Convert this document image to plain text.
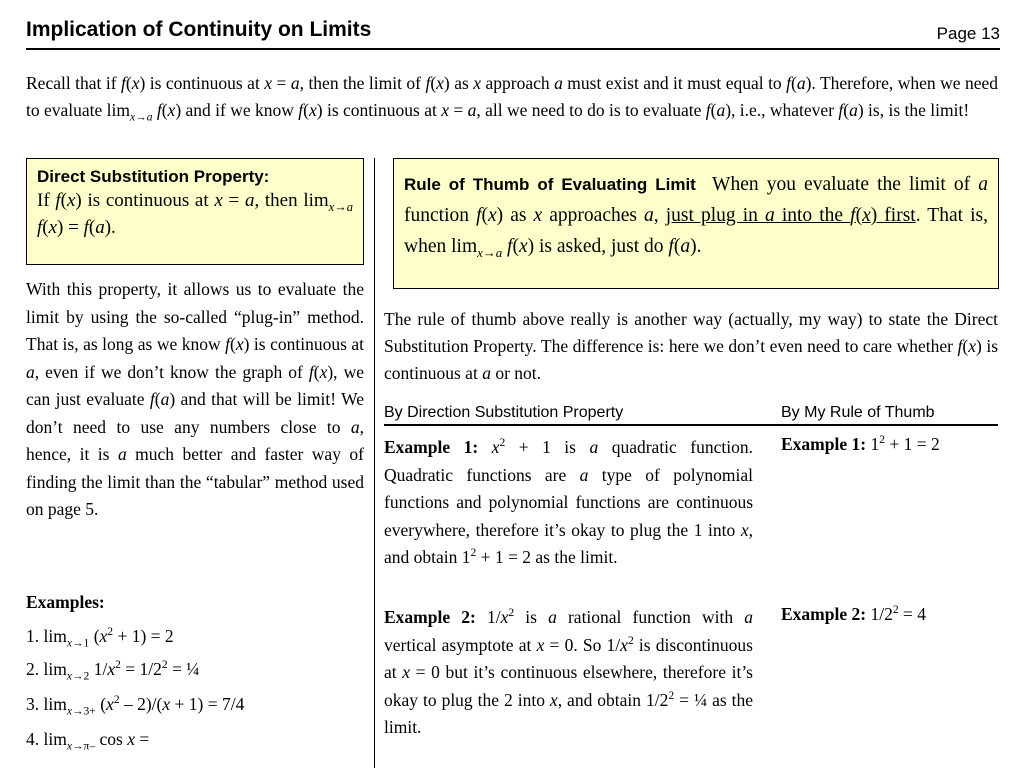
Implication of Continuity on Limits	Page 13
Recall that if f(x) is continuous at x = a, then the limit of f(x) as x approach a must exist and it must equal to f(a). Therefore, when we need to evaluate $\lim_{x\to a} f(x)$ and if we know f(x) is continuous at x = a, all we need to do is to evaluate f(a), i.e., whatever f(a) is, is the limit!
Direct Substitution Property:
If f(x) is continuous at x = a, then $\lim_{x\to a} f(x) = f(a)$.
With this property, it allows us to evaluate the limit by using the so-called “plug-in” method. That is, as long as we know f(x) is continuous at a, even if we don’t know the graph of f(x), we can just evaluate f(a) and that will be limit! We don’t need to use any numbers close to a, hence, it is a much better and faster way of finding the limit than the “tabular” method used on page 5.
Examples:
1. $\lim_{x\to 1} (x^2 + 1) = 2$
2. $\lim_{x\to 2} 1/x^2 = 1/2^2$ = ¼
3. $\lim_{x\to 3+} (x^2 - 2)/(x + 1) = 7/4$
4. $\lim_{x\to\pi-} \cos x$ =
Rule of Thumb of Evaluating Limit When you evaluate the limit of a function f(x) as x approaches a, just plug in a into the f(x) first. That is, when $\lim_{x\to a} f(x)$ is asked, just do f(a).
The rule of thumb above really is another way (actually, my way) to state the Direct Substitution Property. The difference is: here we don’t even need to care whether f(x) is continuous at a or not.
By Direction Substitution Property	By My Rule of Thumb
Example 1: $x^2 + 1$ is a quadratic function. Quadratic functions are a type of polynomial functions and polynomial functions are continuous everywhere, therefore it’s okay to plug the 1 into x, and obtain $1^2 + 1 = 2$ as the limit.
Example 1: $1^2 + 1 = 2$
Example 2: $1/x^2$ is a rational function with a vertical asymptote at x = 0. So $1/x^2$ is discontinuous at x = 0 but it’s continuous elsewhere, therefore it’s okay to plug the 2 into x, and obtain $1/2^2$ = ¼ as the limit.
Example 2: $1/2^2 = 4$
